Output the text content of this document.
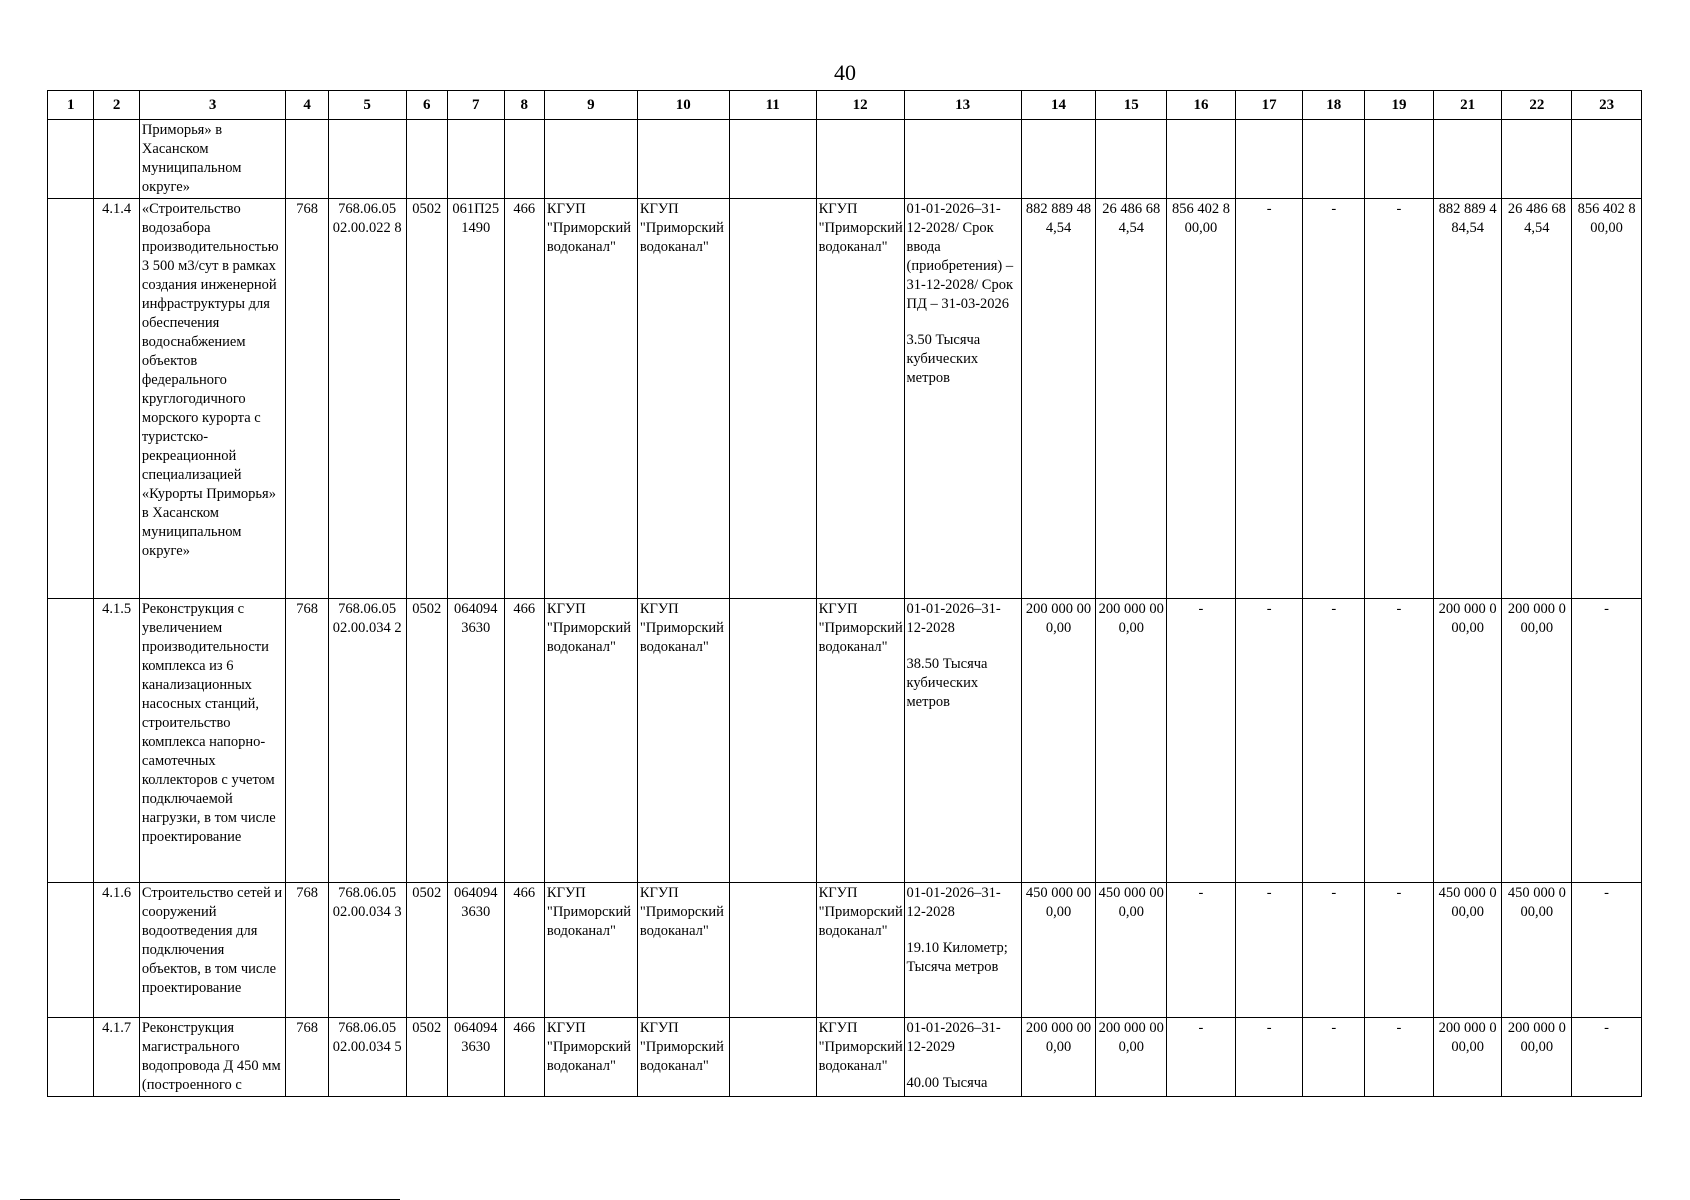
40
1	2	3	4	5	6	7	8	9	10	11	12	13	14	15	16	17	18	19	21	22	23
		Приморья» в Хасанском муниципальном округе»																			
	4.1.4	«Строительство водозабора производительностью 3 500 м3/сут в рамках создания инженерной инфраструктуры для обеспечения водоснабжением объектов федерального круглогодичного морского курорта с туристско-рекреационной специализацией «Курорты Приморья» в Хасанском муниципальном округе»	768	768.06.05 02.00.022 8	0502	061П25 1490	466	КГУП "Приморский водоканал"	КГУП "Приморский водоканал"		КГУП "Приморский водоканал"	01-01-2026–31-12-2028/ Срок ввода (приобретения) – 31-12-2028/ Срок ПД – 31-03-2026
3.50 Тысяча кубических метров	882 889 484,54	26 486 684,54	856 402 800,00	-	-	-	882 889 484,54	26 486 684,54	856 402 800,00
	4.1.5	Реконструкция с увеличением производительности комплекса из 6 канализационных насосных станций, строительство комплекса напорно-самотечных коллекторов с учетом подключаемой нагрузки, в том числе проектирование	768	768.06.05 02.00.034 2	0502	064094 3630	466	КГУП "Приморский водоканал"	КГУП "Приморский водоканал"		КГУП "Приморский водоканал"	01-01-2026–31-12-2028
38.50 Тысяча кубических метров	200 000 000,00	200 000 000,00	-	-	-	-	200 000 000,00	200 000 000,00	-
	4.1.6	Строительство сетей и сооружений водоотведения для подключения объектов, в том числе проектирование	768	768.06.05 02.00.034 3	0502	064094 3630	466	КГУП "Приморский водоканал"	КГУП "Приморский водоканал"		КГУП "Приморский водоканал"	01-01-2026–31-12-2028
19.10 Километр; Тысяча метров	450 000 000,00	450 000 000,00	-	-	-	-	450 000 000,00	450 000 000,00	-
	4.1.7	Реконструкция магистрального водопровода Д 450 мм (построенного с	768	768.06.05 02.00.034 5	0502	064094 3630	466	КГУП "Приморский водоканал"	КГУП "Приморский водоканал"		КГУП "Приморский водоканал"	01-01-2026–31-12-2029
40.00 Тысяча	200 000 000,00	200 000 000,00	-	-	-	-	200 000 000,00	200 000 000,00	-
